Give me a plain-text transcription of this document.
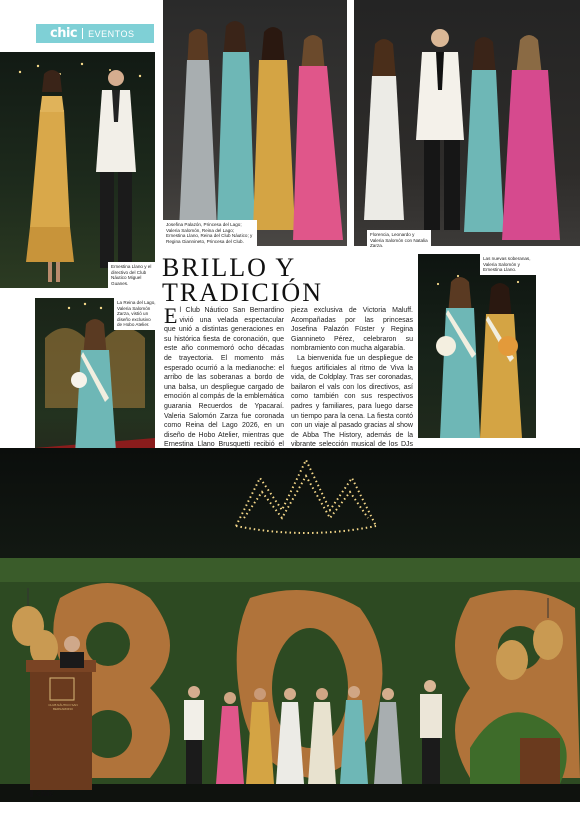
chic EVENTOS
Ernestina Llano y el directivo del Club Náutico Miguel Guanes.
Josefina Palazón, Princesa del Lago; Valeria Salomón, Reina del Lago; Ernestina Llano, Reina del Club Náutico; y Regina Giannineto, Princesa del Club.
Florencia, Leonardo y Valeria Salomón con Natalia Zarza.
BRILLO Y
TRADICIÓN
La Reina del Lago, Valeria Salomón Zarza, vistió un diseño exclusivo de Hobo Atelier. El Club Náutico San Bernardino vivió una velada espectacular que unió a distintas generaciones en su histórica fiesta de coronación, que este año conmemoró ocho décadas de trayectoria. El momento más esperado ocurrió a la medianoche: el arribo de las soberanas a bordo de una balsa, un despliegue cargado de emoción al compás de la emblemática guarania Recuerdos de Ypacaraí. Valeria Salomón Zarza fue coronada como Reina del Lago 2026, en un diseño de Hobo Atelier, mientras que Ernestina Llano Brusquetti recibió el

pieza exclusiva de Victoria Maluff. Acompañadas por las princesas Josefina Palazón Füster y Regina Giannineto Pérez, celebraron su nombramiento con mucha algarabía.

La bienvenida fue un despliegue de fuegos artificiales al ritmo de Viva la vida, de Coldplay. Tras ser coronadas, bailaron el vals con los directivos, así como también con sus respectivos padres y familiares, para luego darse un tiempo para la cena. La fiesta contó con un viaje al pasado gracias al show de Abba The History, además de la vibrante selección musical de los DJs

Las nuevas soberanas, Valeria Salomón y Ernestina Llano.
CLUB NÁUTICO SAN BERNARDINO
chic
